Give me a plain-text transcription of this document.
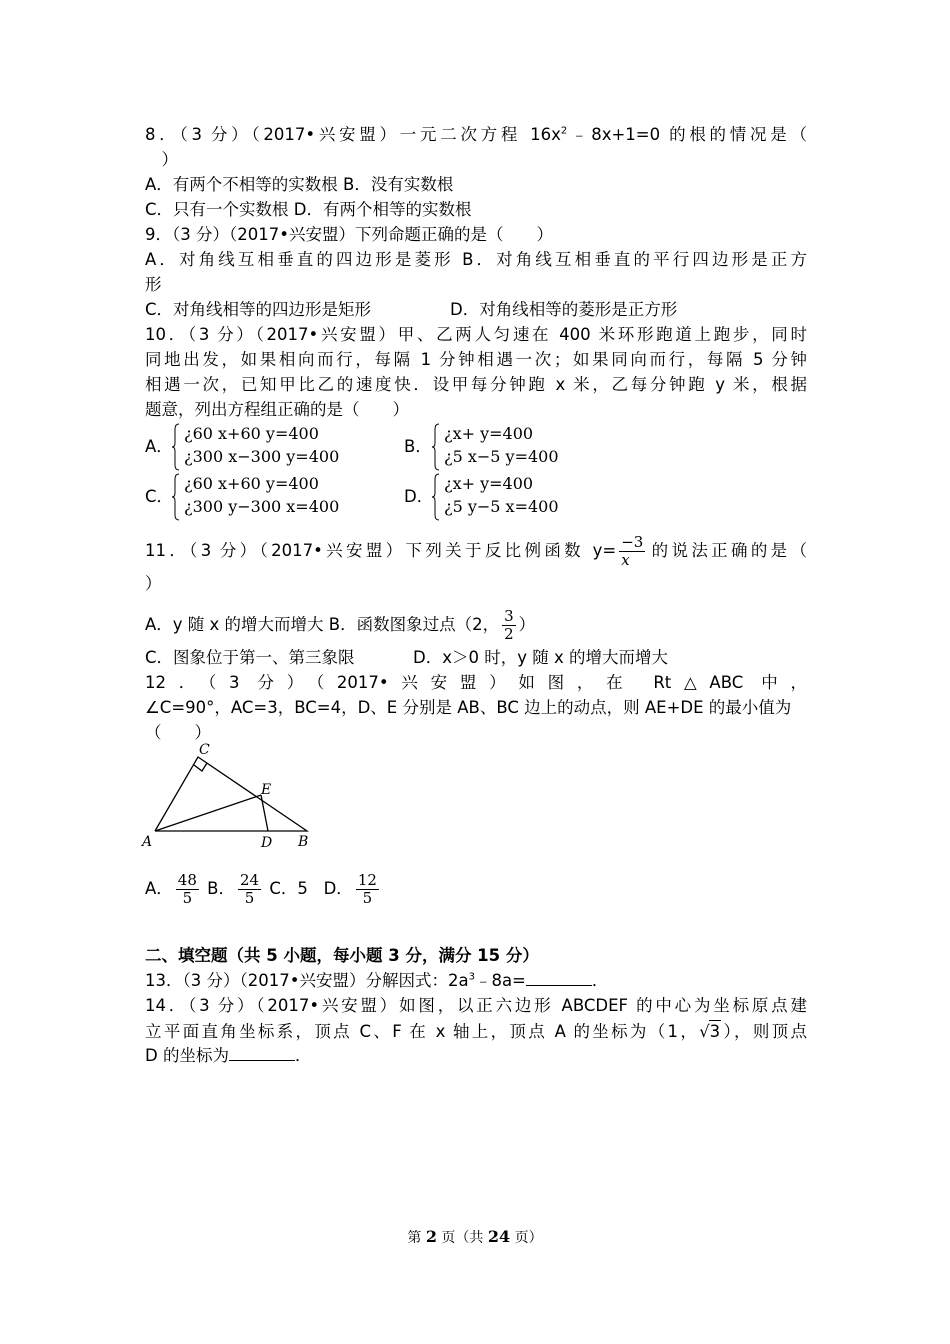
8．（3 分）（2017•兴安盟）一元二次方程 $16x^2﹣8x+1=0$ 的根的情况是（
　）
A．有两个不相等的实数根 B．没有实数根
C．只有一个实数根 D．有两个相等的实数根
9．（3 分）（2017•兴安盟）下列命题正确的是（　　）
A．对角线互相垂直的四边形是菱形 B．对角线互相垂直的平行四边形是正方
形
C．对角线相等的四边形是矩形	D．对角线相等的菱形是正方形
10．（3 分）（2017•兴安盟）甲、乙两人匀速在 400 米环形跑道上跑步，同时
同地出发，如果相向而行，每隔 1 分钟相遇一次；如果同向而行，每隔 5 分钟
相遇一次，已知甲比乙的速度快．设甲每分钟跑 x 米，乙每分钟跑 y 米，根据
题意，列出方程组正确的是（　　）
A．
¿60 x+60 y=400
¿300 x−300 y=400
B．
¿x+ y=400
¿5 x−5 y=400
C．
¿60 x+60 y=400
¿300 y−300 x=400
D．
¿x+ y=400
¿5 y−5 x=400
11．（3 分）（2017•兴安盟）下列关于反比例函数 $y= \frac{-3}{x}$ 的说法正确的是（
）
A．y 随 x 的增大而增大 B．函数图象过点（2， $\frac{3}{2}$ ）
C．图象位于第一、第三象限	D．x＞0 时，y 随 x 的增大而增大
12．（3 分）（2017•兴安盟）如图，在 Rt△ABC 中，
∠C=90°，AC=3，BC=4，D、E 分别是 AB、BC 边上的动点，则 AE+DE 的最小值为
（　　）
C
E
A	D B
A． $\frac{48}{5}$ B． $\frac{24}{5}$ C．5 D． $\frac{12}{5}$
二、填空题（共 5 小题，每小题 3 分，满分 15 分）
13．（3 分）（2017•兴安盟）分解因式：$2a^3﹣8a=$	．
14．（3 分）（2017•兴安盟）如图，以正六边形 ABCDEF 的中心为坐标原点建
立平面直角坐标系，顶点 C、F 在 x 轴上，顶点 A 的坐标为（1，√3），则顶点
D 的坐标为	．
第 2 页（共 24 页）
